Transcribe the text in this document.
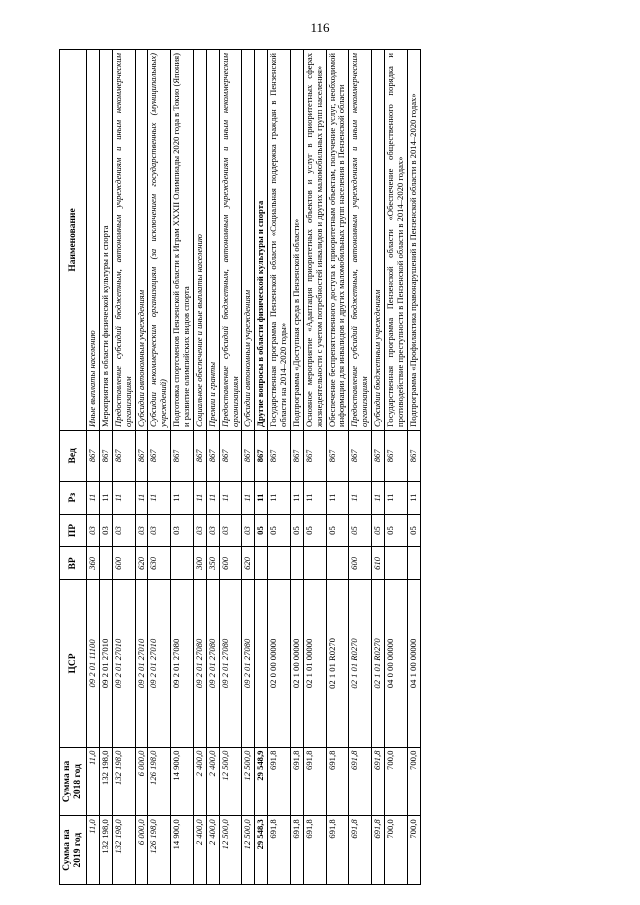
116
Сумма на 2019 год	Сумма на 2018 год	ЦСР	ВР	ПР	Рз	Вед	Наименование
11,0	11,0	09 2 01 11100	360	03	11	867	Иные выплаты населению
132 198,0	132 198,0	09 2 01 27010		03	11	867	Мероприятия в области физической культуры и спорта
132 198,0	132 198,0	09 2 01 27010	600	03	11	867	Предоставление субсидий бюджетным, автономным учреждениям и иным некоммерческим организациям
6 000,0	6 000,0	09 2 01 27010	620	03	11	867	Субсидии автономным учреждениям
126 198,0	126 198,0	09 2 01 27010	630	03	11	867	Субсидии некоммерческим организациям (за исключением государственных (муниципальных) учреждений)
14 900,0	14 900,0	09 2 01 27080		03	11	867	Подготовка спортсменов Пензенской области к Играм XXXII Олимпиады 2020 года в Токио (Япония) и развитие олимпийских видов спорта
2 400,0	2 400,0	09 2 01 27080	300	03	11	867	Социальное обеспечение и иные выплаты населению
2 400,0	2 400,0	09 2 01 27080	350	03	11	867	Премии и гранты
12 500,0	12 500,0	09 2 01 27080	600	03	11	867	Предоставление субсидий бюджетным, автономным учреждениям и иным некоммерческим организациям
12 500,0	12 500,0	09 2 01 27080	620	03	11	867	Субсидии автономным учреждениям
29 548,3	29 548,9			05	11	867	Другие вопросы в области физической культуры и спорта
691,8	691,8	02 0 00 00000		05	11	867	Государственная программа Пензенской области «Социальная поддержка граждан в Пензенской области на 2014–2020 годы»
691,8	691,8	02 1 00 00000		05	11	867	Подпрограмма «Доступная среда в Пензенской области»
691,8	691,8	02 1 01 00000		05	11	867	Основное мероприятие «Адаптация приоритетных объектов и услуг в приоритетных сферах жизнедеятельности с учетом потребностей инвалидов и других маломобильных групп населения»
691,8	691,8	02 1 01 R0270		05	11	867	Обеспечение беспрепятственного доступа к приоритетным объектам, получение услуг, необходимой информации для инвалидов и других маломобильных групп населения в Пензенской области
691,8	691,8	02 1 01 R0270	600	05	11	867	Предоставление субсидий бюджетным, автономным учреждениям и иным некоммерческим организациям
691,8	691,8	02 1 01 R0270	610	05	11	867	Субсидии бюджетным учреждениям
700,0	700,0	04 0 00 00000		05	11	867	Государственная программа Пензенской области «Обеспечение общественного порядка и противодействие преступности в Пензенской области в 2014–2020 годах»
700,0	700,0	04 1 00 00000		05	11	867	Подпрограмма «Профилактика правонарушений в Пензенской области в 2014–2020 годах»
